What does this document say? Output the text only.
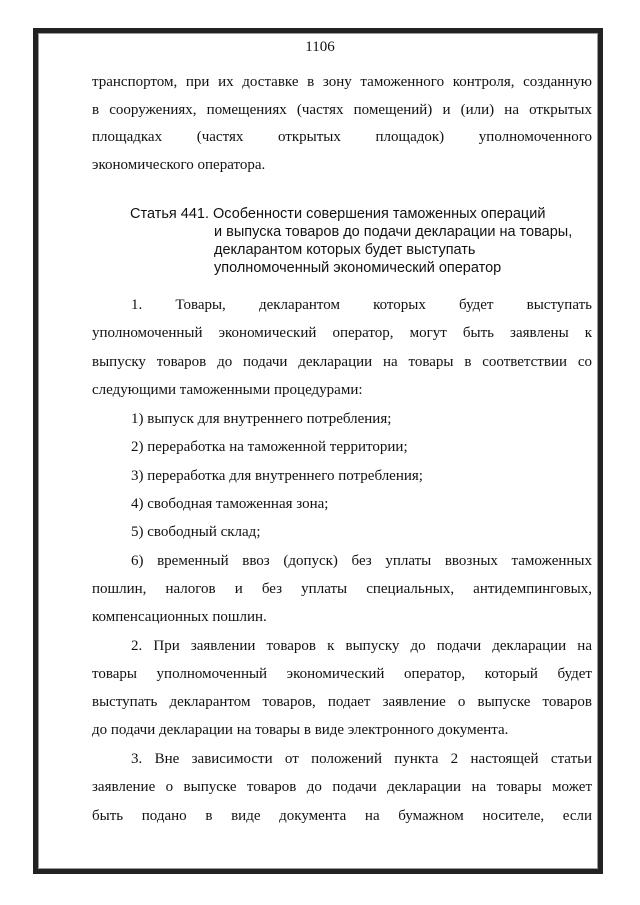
1106
транспортом, при их доставке в зону таможенного контроля, созданную
в сооружениях, помещениях (частях помещений) и (или) на открытых
площадках (частях открытых площадок) уполномоченного
экономического оператора.
Статья 441. Особенности совершения таможенных операций
и выпуска товаров до подачи декларации на товары,
декларантом которых будет выступать
уполномоченный экономический оператор
1. Товары, декларантом которых будет выступать
уполномоченный экономический оператор, могут быть заявлены к
выпуску товаров до подачи декларации на товары в соответствии со
следующими таможенными процедурами:
1) выпуск для внутреннего потребления;
2) переработка на таможенной территории;
3) переработка для внутреннего потребления;
4) свободная таможенная зона;
5) свободный склад;
6) временный ввоз (допуск) без уплаты ввозных таможенных
пошлин, налогов и без уплаты специальных, антидемпинговых,
компенсационных пошлин.
2. При заявлении товаров к выпуску до подачи декларации на
товары уполномоченный экономический оператор, который будет
выступать декларантом товаров, подает заявление о выпуске товаров
до подачи декларации на товары в виде электронного документа.
3. Вне зависимости от положений пункта 2 настоящей статьи
заявление о выпуске товаров до подачи декларации на товары может
быть подано в виде документа на бумажном носителе, если
